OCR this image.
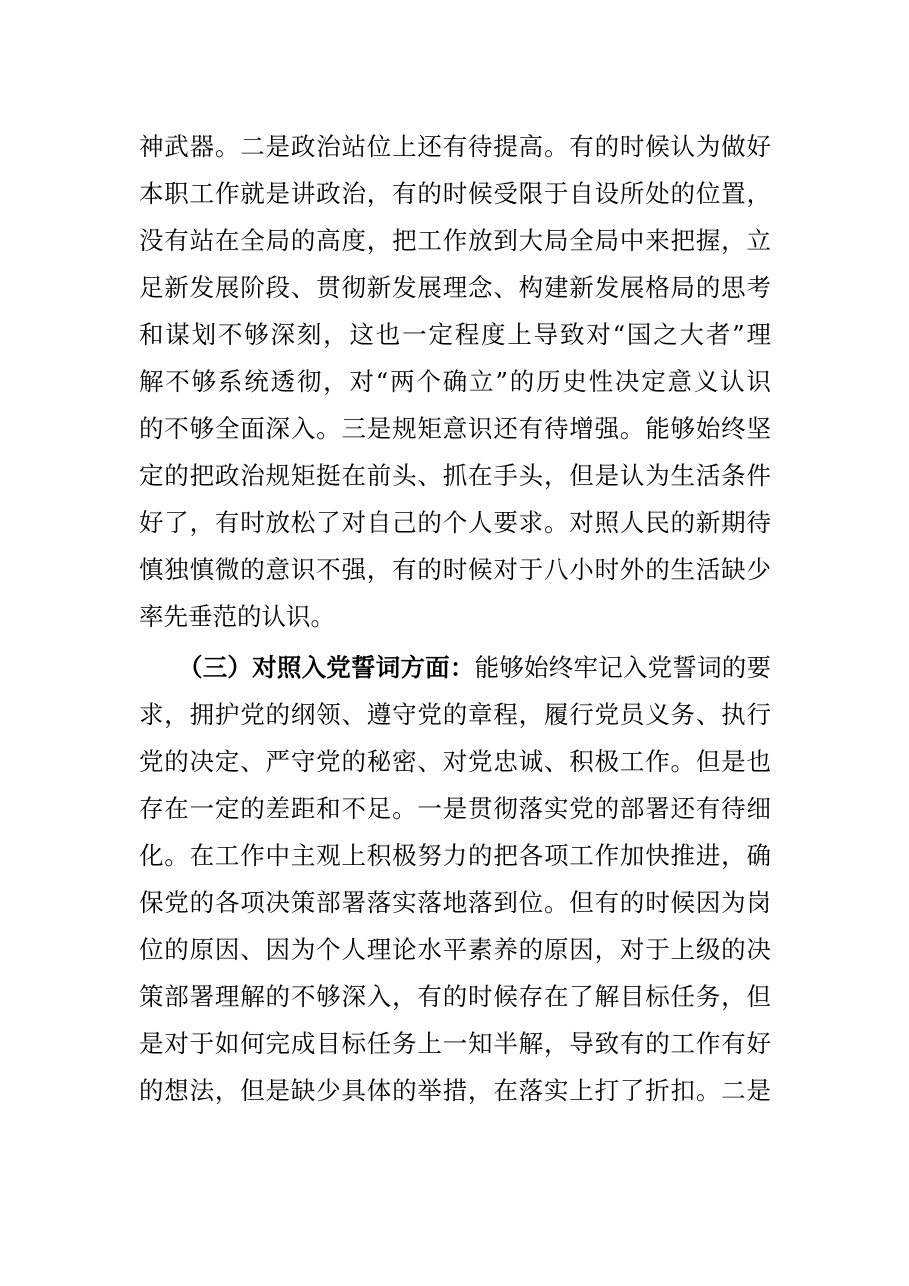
神武器。二是政治站位上还有待提高。有的时候认为做好
本职工作就是讲政治，有的时候受限于自设所处的位置，
没有站在全局的高度，把工作放到大局全局中来把握，立
足新发展阶段、贯彻新发展理念、构建新发展格局的思考
和谋划不够深刻，这也一定程度上导致对“国之大者”理
解不够系统透彻，对“两个确立”的历史性决定意义认识
的不够全面深入。三是规矩意识还有待增强。能够始终坚
定的把政治规矩挺在前头、抓在手头，但是认为生活条件
好了，有时放松了对自己的个人要求。对照人民的新期待
慎独慎微的意识不强，有的时候对于八小时外的生活缺少
率先垂范的认识。
（三）对照入党誓词方面：能够始终牢记入党誓词的要
求，拥护党的纲领、遵守党的章程，履行党员义务、执行
党的决定、严守党的秘密、对党忠诚、积极工作。但是也
存在一定的差距和不足。一是贯彻落实党的部署还有待细
化。在工作中主观上积极努力的把各项工作加快推进，确
保党的各项决策部署落实落地落到位。但有的时候因为岗
位的原因、因为个人理论水平素养的原因，对于上级的决
策部署理解的不够深入，有的时候存在了解目标任务，但
是对于如何完成目标任务上一知半解，导致有的工作有好
的想法，但是缺少具体的举措，在落实上打了折扣。二是
